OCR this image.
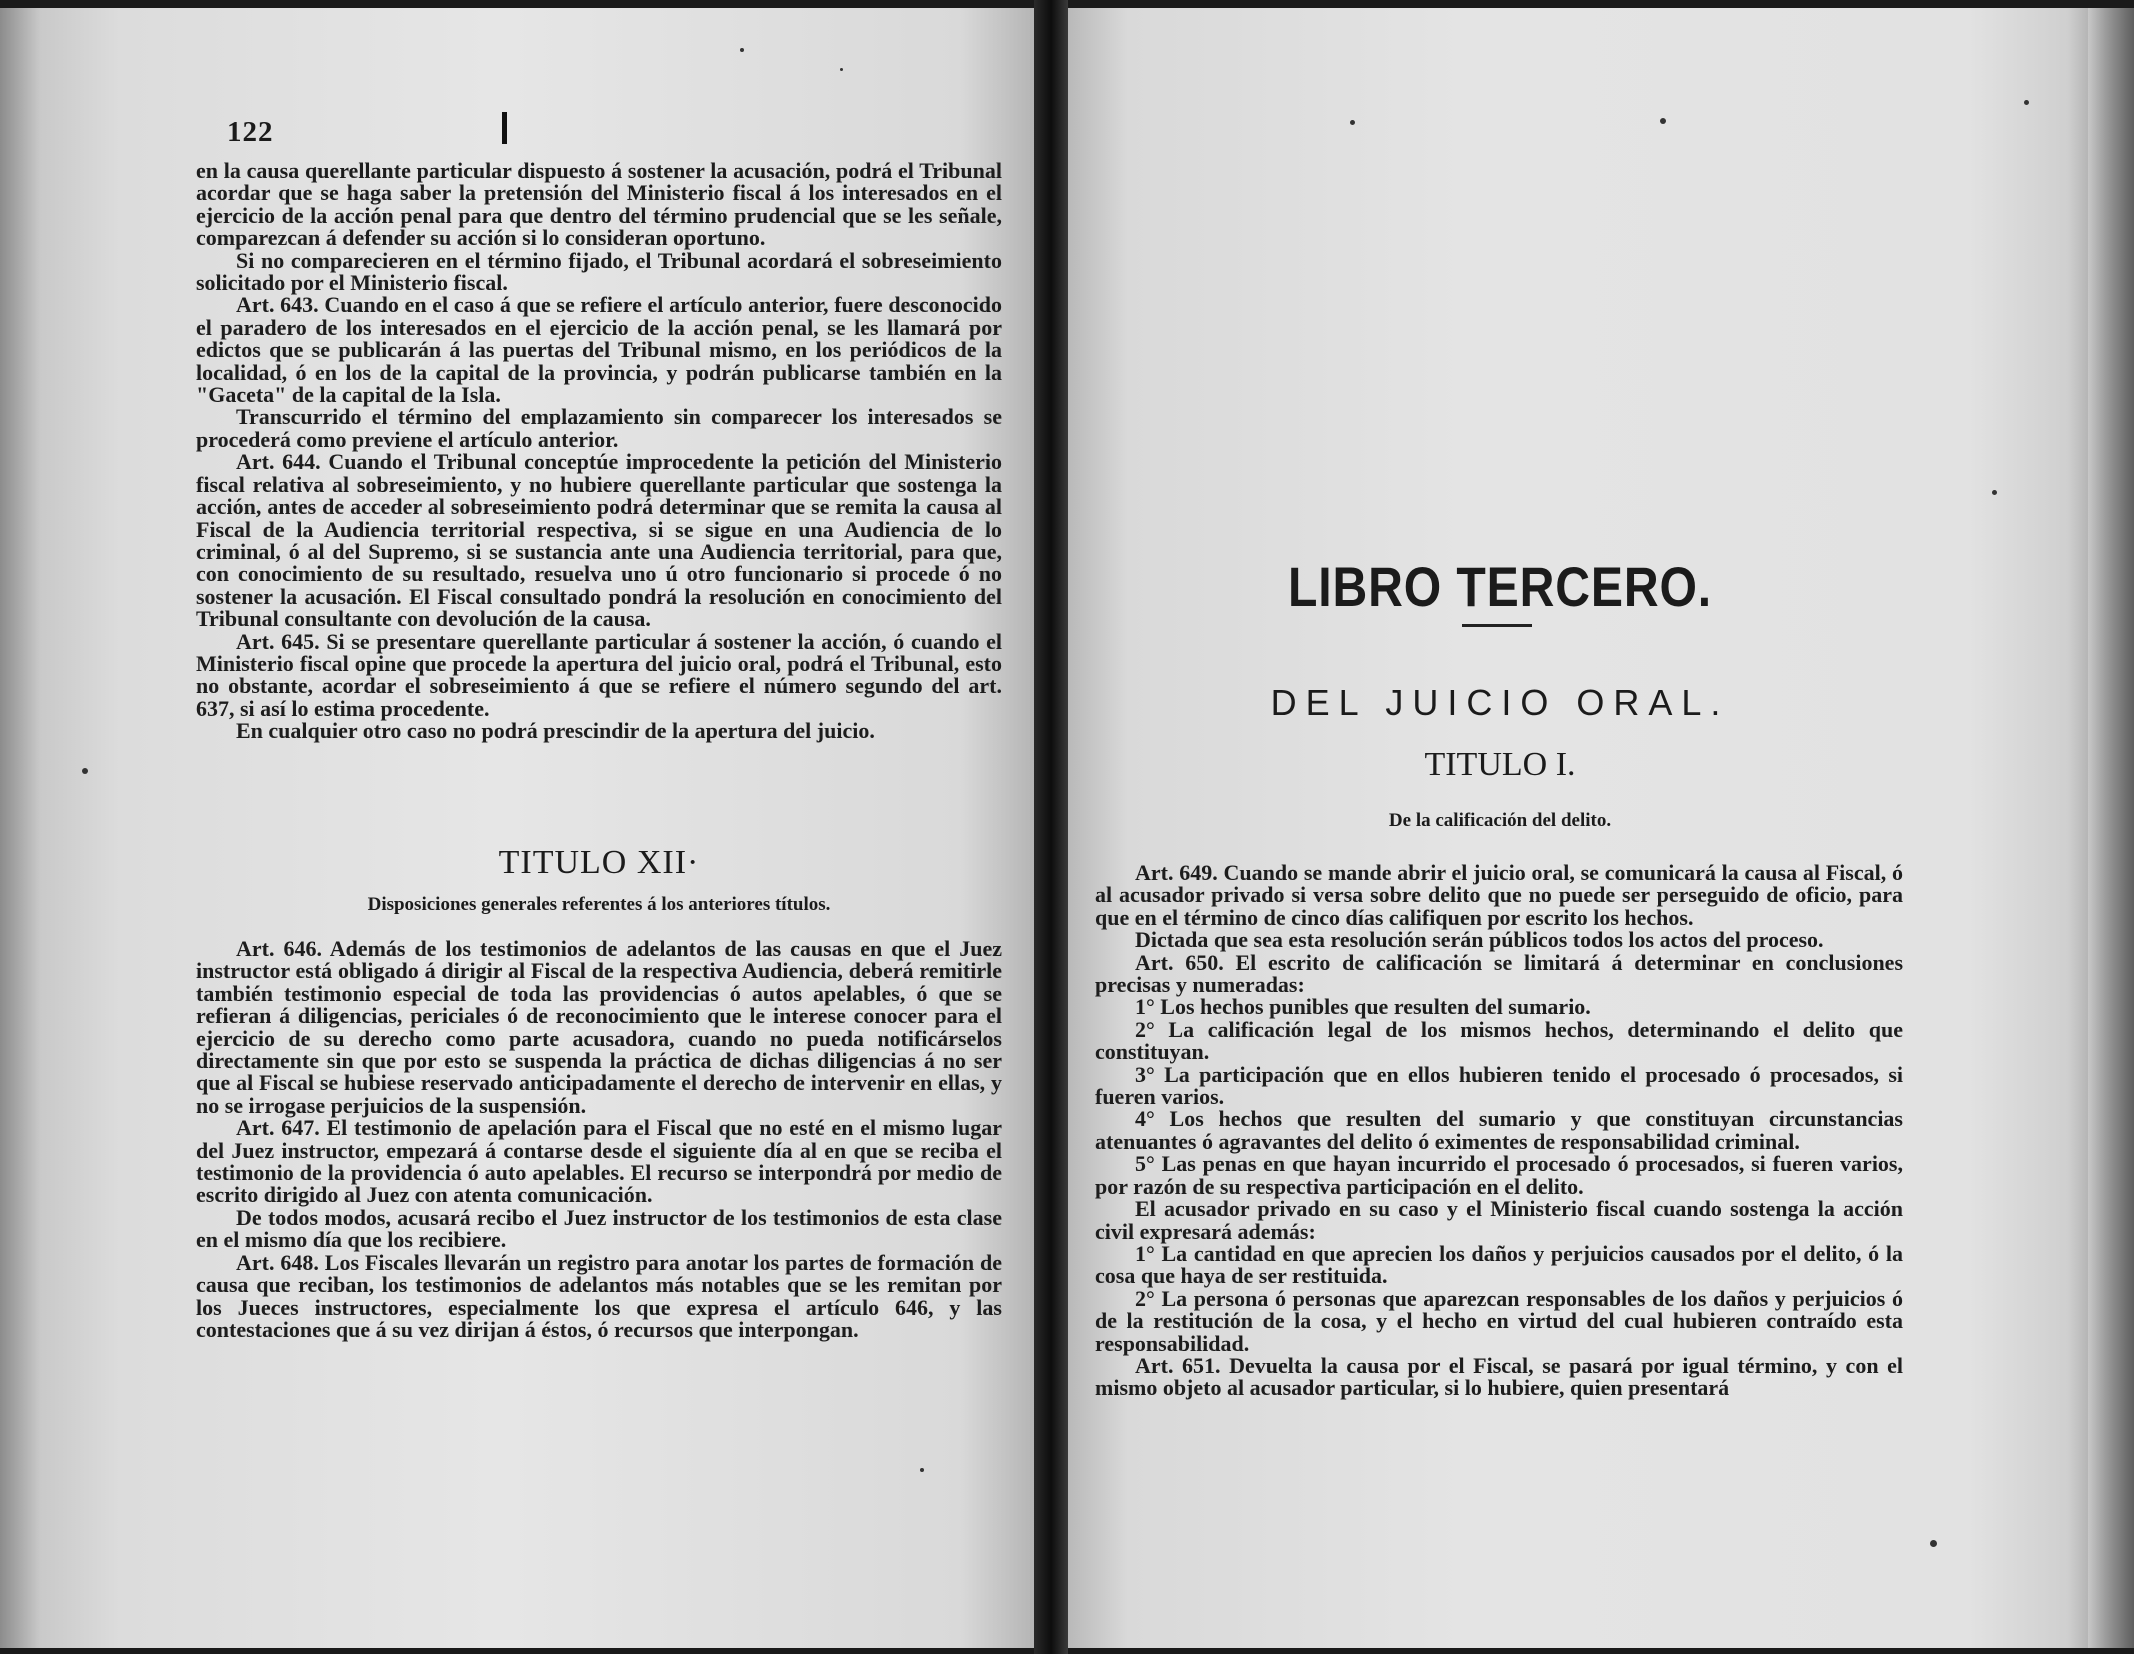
122

en la causa querellante particular dispuesto á sostener la acusación, podrá el Tribunal acordar que se haga saber la pretensión del Ministerio fiscal á los interesados en el ejercicio de la acción penal para que dentro del término prudencial que se les señale, comparezcan á defender su acción si lo consideran oportuno.

Si no comparecieren en el término fijado, el Tribunal acordará el sobreseimiento solicitado por el Ministerio fiscal.

Art. 643. Cuando en el caso á que se refiere el artículo anterior, fuere desconocido el paradero de los interesados en el ejercicio de la acción penal, se les llamará por edictos que se publicarán á las puertas del Tribunal mismo, en los periódicos de la localidad, ó en los de la capital de la provincia, y podrán publicarse también en la "Gaceta" de la capital de la Isla.

Transcurrido el término del emplazamiento sin comparecer los interesados se procederá como previene el artículo anterior.

Art. 644. Cuando el Tribunal conceptúe improcedente la petición del Ministerio fiscal relativa al sobreseimiento, y no hubiere querellante particular que sostenga la acción, antes de acceder al sobreseimiento podrá determinar que se remita la causa al Fiscal de la Audiencia territorial respectiva, si se sigue en una Audiencia de lo criminal, ó al del Supremo, si se sustancia ante una Audiencia territorial, para que, con conocimiento de su resultado, resuelva uno ú otro funcionario si procede ó no sostener la acusación. El Fiscal consultado pondrá la resolución en conocimiento del Tribunal consultante con devolución de la causa.

Art. 645. Si se presentare querellante particular á sostener la acción, ó cuando el Ministerio fiscal opine que procede la apertura del juicio oral, podrá el Tribunal, esto no obstante, acordar el sobreseimiento á que se refiere el número segundo del art. 637, si así lo estima procedente.

En cualquier otro caso no podrá prescindir de la apertura del juicio.

TITULO XII·
Disposiciones generales referentes á los anteriores títulos.

Art. 646. Además de los testimonios de adelantos de las causas en que el Juez instructor está obligado á dirigir al Fiscal de la respectiva Audiencia, deberá remitirle también testimonio especial de toda las providencias ó autos apelables, ó que se refieran á diligencias, periciales ó de reconocimiento que le interese conocer para el ejercicio de su derecho como parte acusadora, cuando no pueda notificárselos directamente sin que por esto se suspenda la práctica de dichas diligencias á no ser que al Fiscal se hubiese reservado anticipadamente el derecho de intervenir en ellas, y no se irrogase perjuicios de la suspensión.

Art. 647. El testimonio de apelación para el Fiscal que no esté en el mismo lugar del Juez instructor, empezará á contarse desde el siguiente día al en que se reciba el testimonio de la providencia ó auto apelables. El recurso se interpondrá por medio de escrito dirigido al Juez con atenta comunicación.

De todos modos, acusará recibo el Juez instructor de los testimonios de esta clase en el mismo día que los recibiere.

Art. 648. Los Fiscales llevarán un registro para anotar los partes de formación de causa que reciban, los testimonios de adelantos más notables que se les remitan por los Jueces instructores, especialmente los que expresa el artículo 646, y las contestaciones que á su vez dirijan á éstos, ó recursos que interpongan.

LIBRO TERCERO.
DEL JUICIO ORAL.
TITULO I.
De la calificación del delito.

Art. 649. Cuando se mande abrir el juicio oral, se comunicará la causa al Fiscal, ó al acusador privado si versa sobre delito que no puede ser perseguido de oficio, para que en el término de cinco días califiquen por escrito los hechos.

Dictada que sea esta resolución serán públicos todos los actos del proceso.

Art. 650. El escrito de calificación se limitará á determinar en conclusiones precisas y numeradas:

1° Los hechos punibles que resulten del sumario.

2° La calificación legal de los mismos hechos, determinando el delito que constituyan.

3° La participación que en ellos hubieren tenido el procesado ó procesados, si fueren varios.

4° Los hechos que resulten del sumario y que constituyan circunstancias atenuantes ó agravantes del delito ó eximentes de responsabilidad criminal.

5° Las penas en que hayan incurrido el procesado ó procesados, si fueren varios, por razón de su respectiva participación en el delito.

El acusador privado en su caso y el Ministerio fiscal cuando sostenga la acción civil expresará además:

1° La cantidad en que aprecien los daños y perjuicios causados por el delito, ó la cosa que haya de ser restituida.

2° La persona ó personas que aparezcan responsables de los daños y perjuicios ó de la restitución de la cosa, y el hecho en virtud del cual hubieren contraído esta responsabilidad.

Art. 651. Devuelta la causa por el Fiscal, se pasará por igual término, y con el mismo objeto al acusador particular, si lo hubiere, quien presentará
